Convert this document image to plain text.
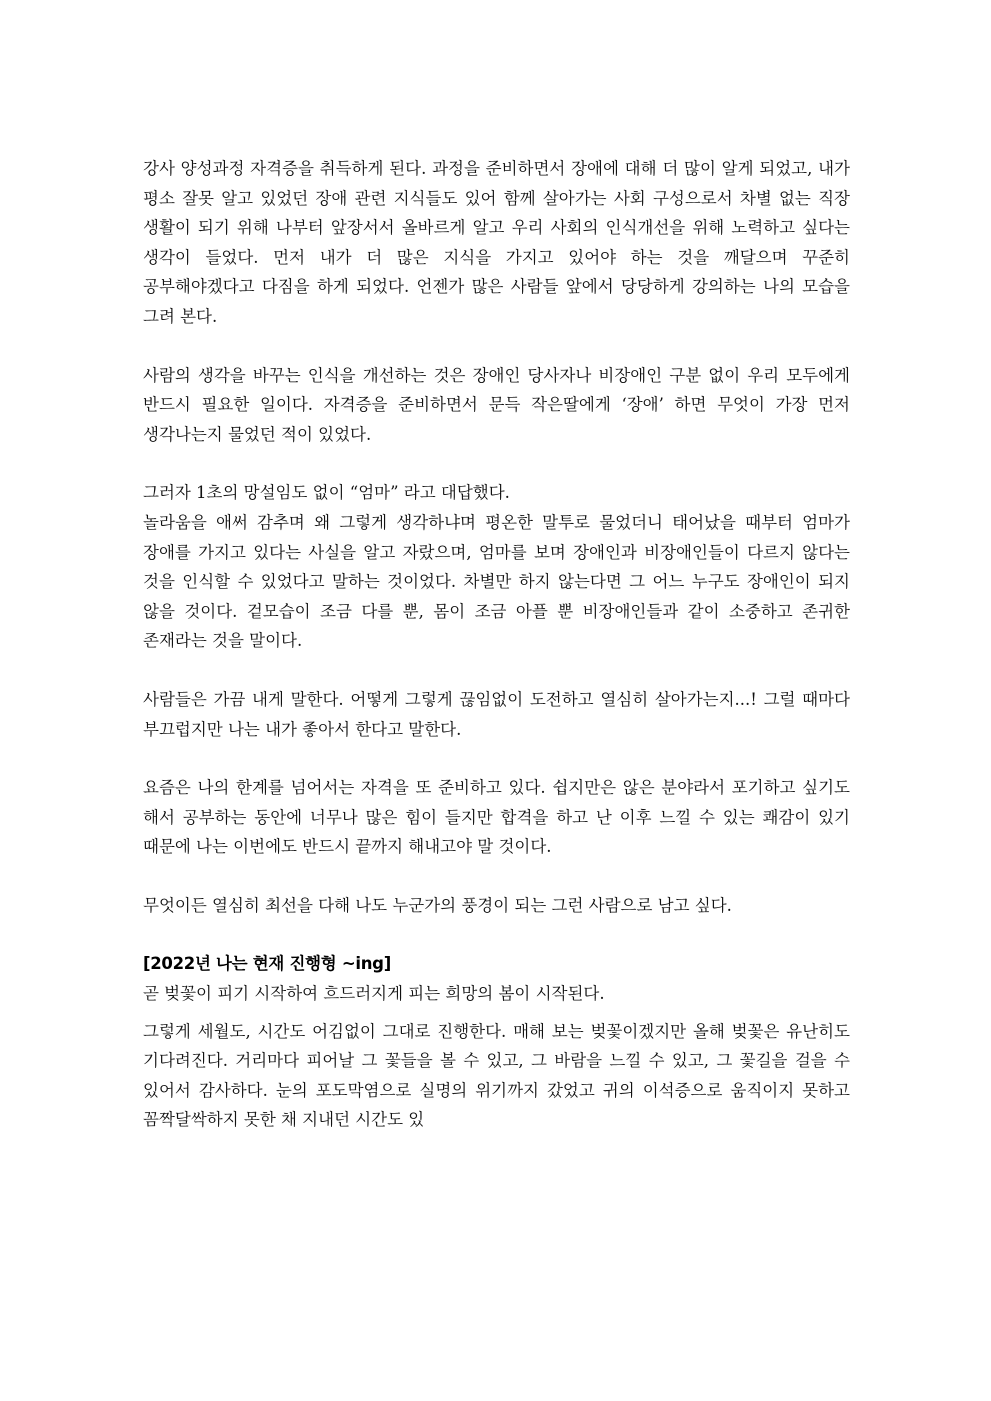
강사 양성과정 자격증을 취득하게 된다. 과정을 준비하면서 장애에 대해 더 많이 알게 되었고, 내가 평소 잘못 알고 있었던 장애 관련 지식들도 있어 함께 살아가는 사회 구성으로서 차별 없는 직장 생활이 되기 위해 나부터 앞장서서 올바르게 알고 우리 사회의 인식개선을 위해 노력하고 싶다는 생각이 들었다. 먼저 내가 더 많은 지식을 가지고 있어야 하는 것을 깨달으며 꾸준히 공부해야겠다고 다짐을 하게 되었다. 언젠가 많은 사람들 앞에서 당당하게 강의하는 나의 모습을 그려 본다.

사람의 생각을 바꾸는 인식을 개선하는 것은 장애인 당사자나 비장애인 구분 없이 우리 모두에게 반드시 필요한 일이다. 자격증을 준비하면서 문득 작은딸에게 ‘장애’ 하면 무엇이 가장 먼저 생각나는지 물었던 적이 있었다.

그러자 1초의 망설임도 없이 “엄마” 라고 대답했다.

놀라움을 애써 감추며 왜 그렇게 생각하냐며 평온한 말투로 물었더니 태어났을 때부터 엄마가 장애를 가지고 있다는 사실을 알고 자랐으며, 엄마를 보며 장애인과 비장애인들이 다르지 않다는 것을 인식할 수 있었다고 말하는 것이었다. 차별만 하지 않는다면 그 어느 누구도 장애인이 되지 않을 것이다. 겉모습이 조금 다를 뿐, 몸이 조금 아플 뿐 비장애인들과 같이 소중하고 존귀한 존재라는 것을 말이다.

사람들은 가끔 내게 말한다. 어떻게 그렇게 끊임없이 도전하고 열심히 살아가는지...! 그럴 때마다 부끄럽지만 나는 내가 좋아서 한다고 말한다.

요즘은 나의 한계를 넘어서는 자격을 또 준비하고 있다. 쉽지만은 않은 분야라서 포기하고 싶기도 해서 공부하는 동안에 너무나 많은 힘이 들지만 합격을 하고 난 이후 느낄 수 있는 쾌감이 있기 때문에 나는 이번에도 반드시 끝까지 해내고야 말 것이다.

무엇이든 열심히 최선을 다해 나도 누군가의 풍경이 되는 그런 사람으로 남고 싶다.

[2022년 나는 현재 진행형 ~ing]

곧 벚꽃이 피기 시작하여 흐드러지게 피는 희망의 봄이 시작된다.

그렇게 세월도, 시간도 어김없이 그대로 진행한다. 매해 보는 벚꽃이겠지만 올해 벚꽃은 유난히도 기다려진다. 거리마다 피어날 그 꽃들을 볼 수 있고, 그 바람을 느낄 수 있고, 그 꽃길을 걸을 수 있어서 감사하다. 눈의 포도막염으로 실명의 위기까지 갔었고 귀의 이석증으로 움직이지 못하고 꼼짝달싹하지 못한 채 지내던 시간도 있
